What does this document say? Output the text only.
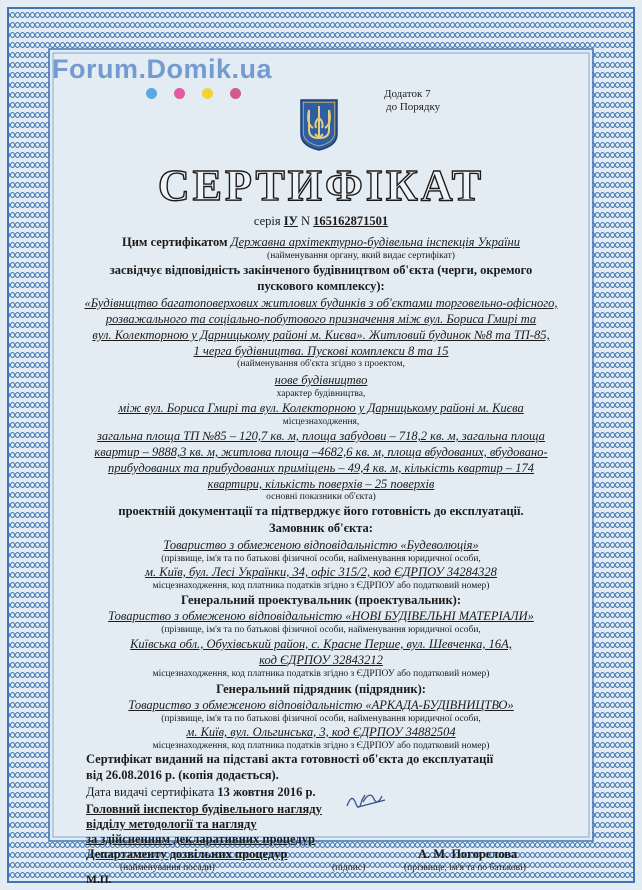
Forum.Domik.ua
Додаток 7
до Порядку
СЕРТИФІКАТ
серія ІУ N 165162871501
Цим сертифікатом Державна архітектурно-будівельна інспекція України
(найменування органу, який видає сертифікат)
засвідчує відповідність закінченого будівництвом об'єкта (черги, окремого
пускового комплексу):
«Будівництво багатоповерхових житлових будинків з об'єктами торговельно-офісного,
розважального та соціально-побутового призначення між вул. Бориса Гмирі та
вул. Колекторною у Дарницькому районі м. Києва». Житловий будинок №8 та ТП-85,
1 черга будівництва. Пускові комплекси 8 та 15
(найменування об'єкта згідно з проектом,
нове будівництво
характер будівництва,
між вул. Бориса Гмирі та вул. Колекторною у Дарницькому районі м. Києва
місцезнаходження,
загальна площа ТП №85 – 120,7 кв. м, площа забудови – 718,2 кв. м, загальна площа
квартир – 9888,3 кв. м, житлова площа –4682,6 кв. м, площа вбудованих, вбудовано-
прибудованих та прибудованих приміщень – 49,4 кв. м, кількість квартир – 174
квартири, кількість поверхів – 25 поверхів
основні показники об'єкта)
проектній документації та підтверджує його готовність до експлуатації.
Замовник об'єкта:
Товариство з обмеженою відповідальністю «Будеволюція»
(прізвище, ім'я та по батькові фізичної особи, найменування юридичної особи,
м. Київ, бул. Лесі Українки, 34, офіс 315/2, код ЄДРПОУ 34284328
місцезнаходження, код платника податків згідно з ЄДРПОУ або податковий номер)
Генеральний проектувальник (проектувальник):
Товариство з обмеженою відповідальністю «НОВІ БУДІВЕЛЬНІ МАТЕРІАЛИ»
(прізвище, ім'я та по батькові фізичної особи, найменування юридичної особи,
Київська обл., Обухівський район, с. Красне Перше, вул. Шевченка, 16А,
код ЄДРПОУ 32843212
місцезнаходження, код платника податків згідно з ЄДРПОУ або податковий номер)
Генеральний підрядник (підрядник):
Товариство з обмеженою відповідальністю «АРКАДА-БУДІВНИЦТВО»
(прізвище, ім'я та по батькові фізичної особи, найменування юридичної особи,
м. Київ, вул. Ольгинська, 3, код ЄДРПОУ 34882504
місцезнаходження, код платника податків згідно з ЄДРПОУ або податковий номер)
Сертифікат виданий на підставі акта готовності об'єкта до експлуатації
від 26.08.2016 р. (копія додається).
Дата видачі сертифіката 13 жовтня 2016 р.
Головний інспектор будівельного нагляду
відділу методології та нагляду
за здійсненням декларативних процедур
Департаменту дозвільних процедур
(найменування посади)	(підпис)
А. М. Погорєлова
(прізвище, ім'я та по батькові)
М.П.
